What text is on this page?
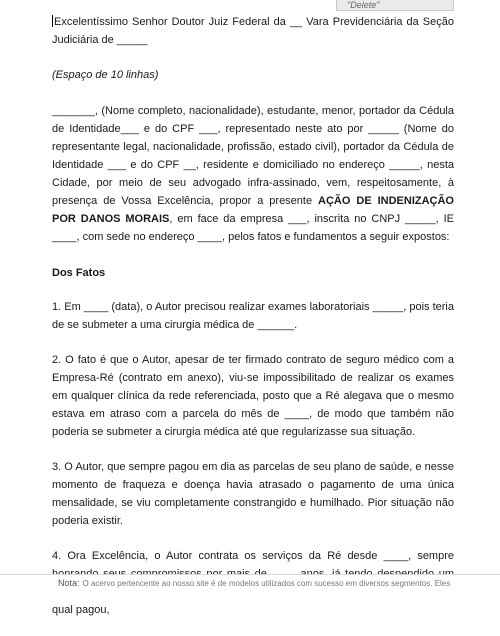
"Delete"

Excelentíssimo Senhor Doutor Juiz Federal da __ Vara Previdenciária da Seção Judiciária de _____

(Espaço de 10 linhas)

_______, (Nome completo, nacionalidade), estudante, menor, portador da Cédula de Identidade___ e do CPF ___, representado neste ato por _____ (Nome do representante legal, nacionalidade, profissão, estado civil), portador da Cédula de Identidade ___ e do CPF __, residente e domiciliado no endereço _____, nesta Cidade, por meio de seu advogado infra-assinado, vem, respeitosamente, à presença de Vossa Excelência, propor a presente AÇÃO DE INDENIZAÇÃO POR DANOS MORAIS, em face da empresa ___, inscrita no CNPJ _____, IE ____, com sede no endereço ____, pelos fatos e fundamentos a seguir expostos:

Dos Fatos

1. Em ____ (data), o Autor precisou realizar exames laboratoriais _____, pois teria de se submeter a uma cirurgia médica de ______.

2. O fato é que o Autor, apesar de ter firmado contrato de seguro médico com a Empresa-Ré (contrato em anexo), viu-se impossibilitado de realizar os exames em qualquer clínica da rede referenciada, posto que a Ré alegava que o mesmo estava em atraso com a parcela do mês de ____, de modo que também não poderia se submeter a cirurgia médica até que regularizasse sua situação.

3. O Autor, que sempre pagou em dia as parcelas de seu plano de saúde, e nesse momento de fraqueza e doença havia atrasado o pagamento de uma única mensalidade, se viu completamente constrangido e humilhado. Pior situação não poderia existir.

4. Ora Excelência, o Autor contrata os serviços da Ré desde ____, sempre qual pagou,

Nota: O acervo pertencente ao nosso site é de modelos utilizados com sucesso em diversos segmentos. Eles
